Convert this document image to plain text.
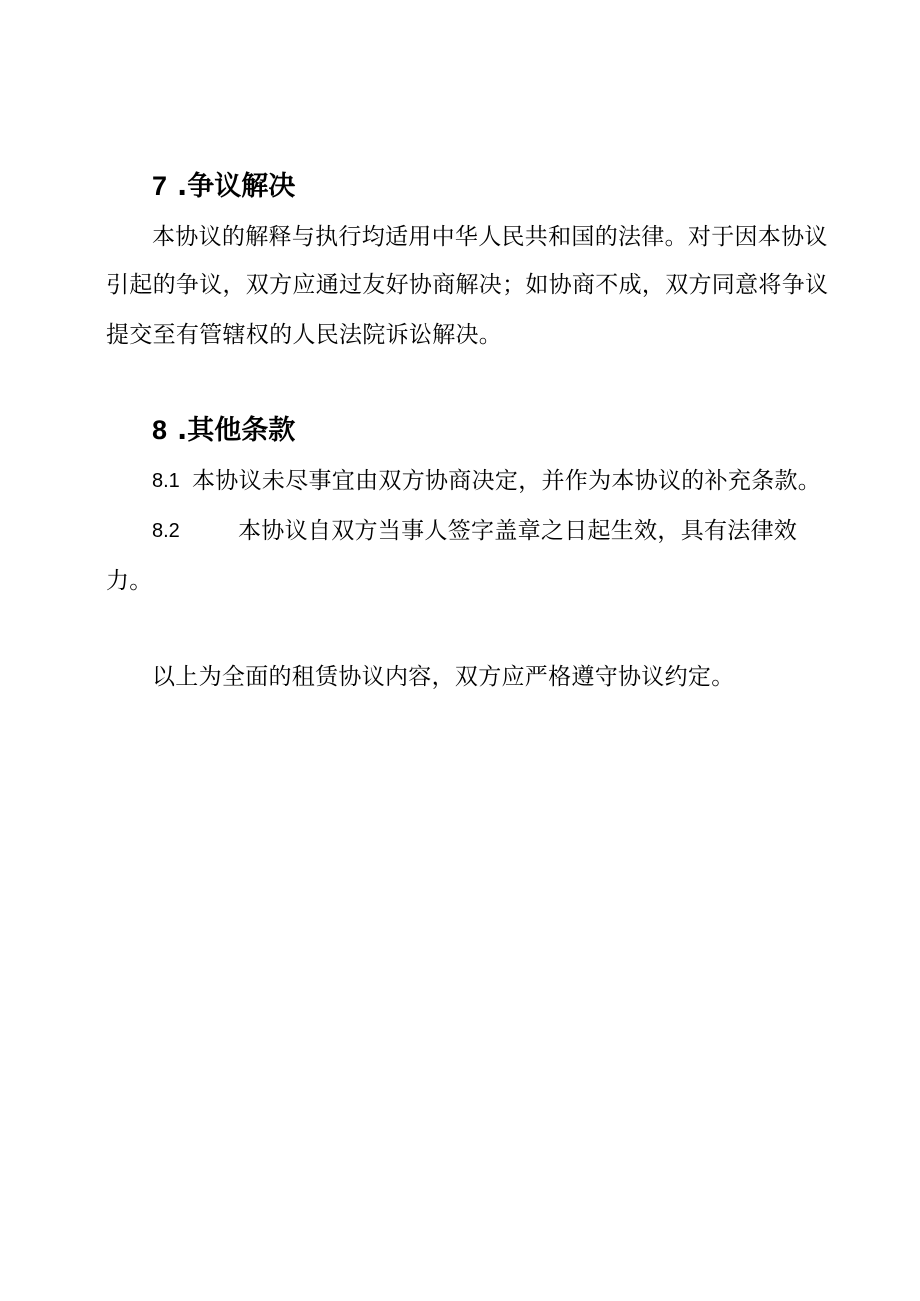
7 .争议解决
本协议的解释与执行均适用中华人民共和国的法律。对于因本协议
引起的争议，双方应通过友好协商解决；如协商不成，双方同意将争议
提交至有管辖权的人民法院诉讼解决。
8 .其他条款
8.1 本协议未尽事宜由双方协商决定，并作为本协议的补充条款。
8.2	本协议自双方当事人签字盖章之日起生效，具有法律效
力。
以上为全面的租赁协议内容，双方应严格遵守协议约定。
